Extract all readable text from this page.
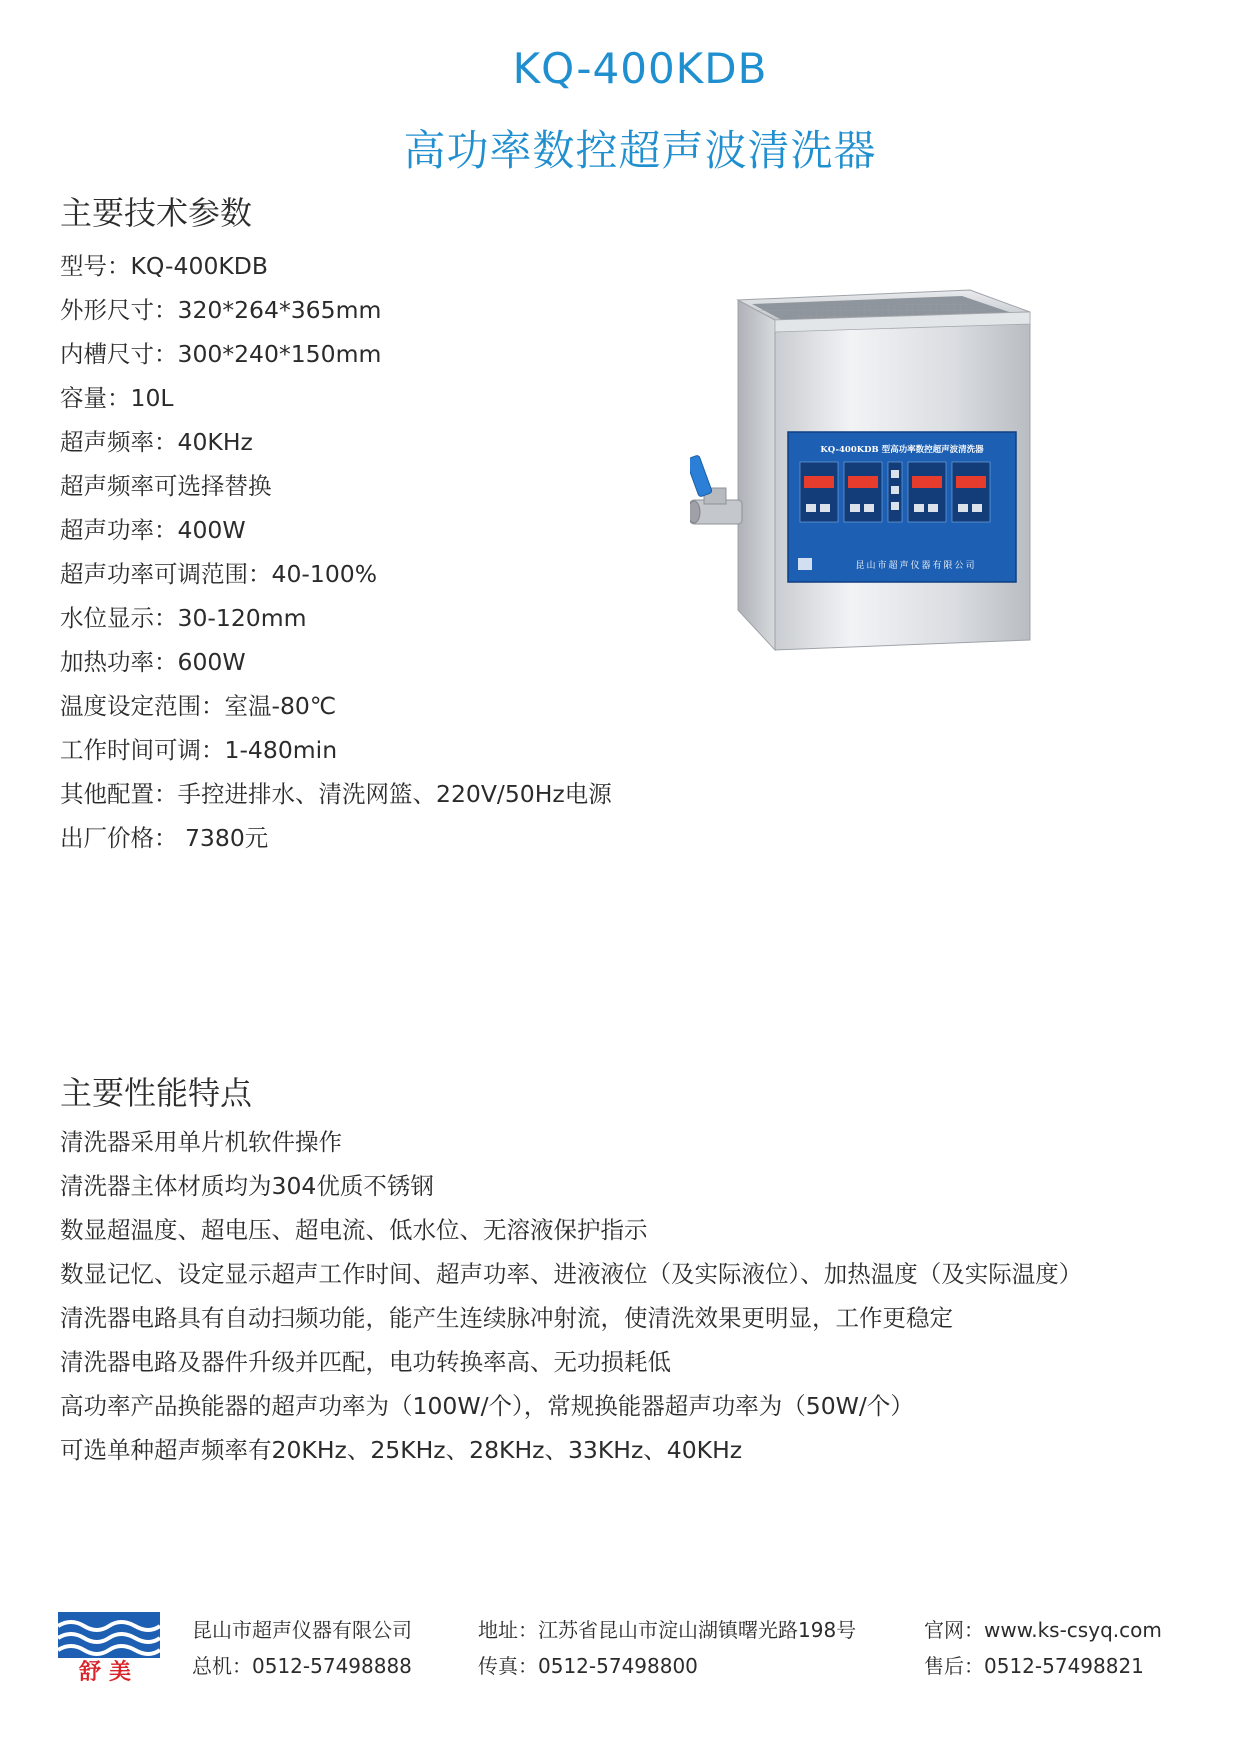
KQ-400KDB
高功率数控超声波清洗器
主要技术参数
型号：KQ-400KDB
外形尺寸：320*264*365mm
内槽尺寸：300*240*150mm
容量：10L
超声频率：40KHz
超声频率可选择替换
超声功率：400W
超声功率可调范围：40-100%
水位显示：30-120mm
加热功率：600W
温度设定范围：室温-80℃
工作时间可调：1-480min
其他配置：手控进排水、清洗网篮、220V/50Hz电源
出厂价格： 7380元
KQ-400KDB 型高功率数控超声波清洗器
昆山市超声仪器有限公司
主要性能特点
清洗器采用单片机软件操作
清洗器主体材质均为304优质不锈钢
数显超温度、超电压、超电流、低水位、无溶液保护指示
数显记忆、设定显示超声工作时间、超声功率、进液液位（及实际液位）、加热温度（及实际温度）
清洗器电路具有自动扫频功能，能产生连续脉冲射流，使清洗效果更明显，工作更稳定
清洗器电路及器件升级并匹配，电功转换率高、无功损耗低
高功率产品换能器的超声功率为（100W/个），常规换能器超声功率为（50W/个）
可选单种超声频率有20KHz、25KHz、28KHz、33KHz、40KHz
舒美
昆山市超声仪器有限公司
总机：0512-57498888
地址：江苏省昆山市淀山湖镇曙光路198号
传真：0512-57498800
官网：www.ks-csyq.com
售后：0512-57498821
